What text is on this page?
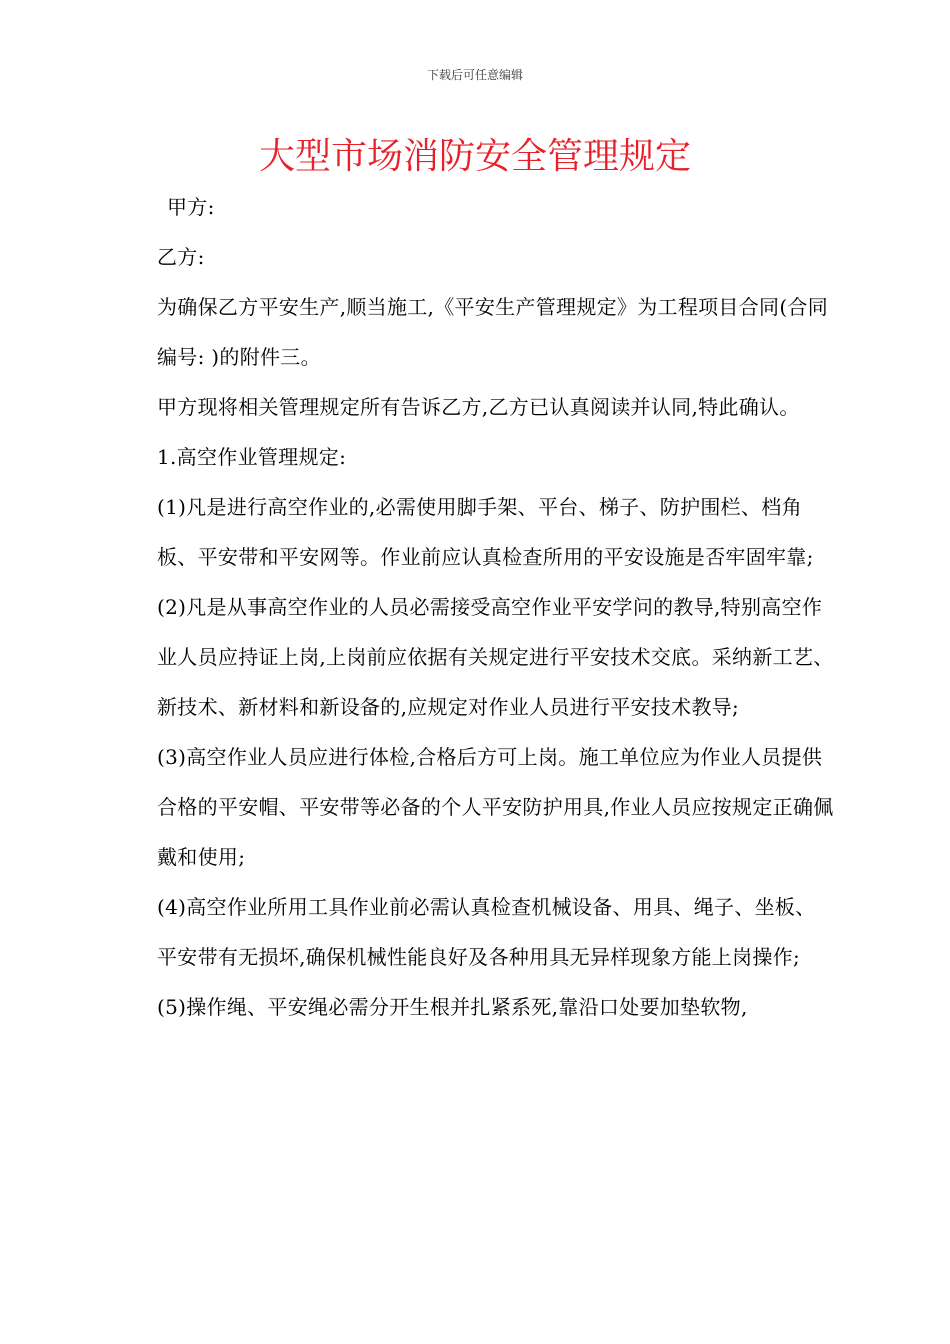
下载后可任意编辑
大型市场消防安全管理规定

甲方:

乙方:

为确保乙方平安生产,顺当施工,《平安生产管理规定》为工程项目合同(合同编号: )的附件三。

甲方现将相关管理规定所有告诉乙方,乙方已认真阅读并认同,特此确认。

1.高空作业管理规定:

(1)凡是进行高空作业的,必需使用脚手架、平台、梯子、防护围栏、档角板、平安带和平安网等。作业前应认真检查所用的平安设施是否牢固牢靠;

(2)凡是从事高空作业的人员必需接受高空作业平安学问的教导,特别高空作业人员应持证上岗,上岗前应依据有关规定进行平安技术交底。采纳新工艺、新技术、新材料和新设备的,应规定对作业人员进行平安技术教导;

(3)高空作业人员应进行体检,合格后方可上岗。施工单位应为作业人员提供合格的平安帽、平安带等必备的个人平安防护用具,作业人员应按规定正确佩戴和使用;

(4)高空作业所用工具作业前必需认真检查机械设备、用具、绳子、坐板、平安带有无损坏,确保机械性能良好及各种用具无异样现象方能上岗操作;

(5)操作绳、平安绳必需分开生根并扎紧系死,靠沿口处要加垫软物,
